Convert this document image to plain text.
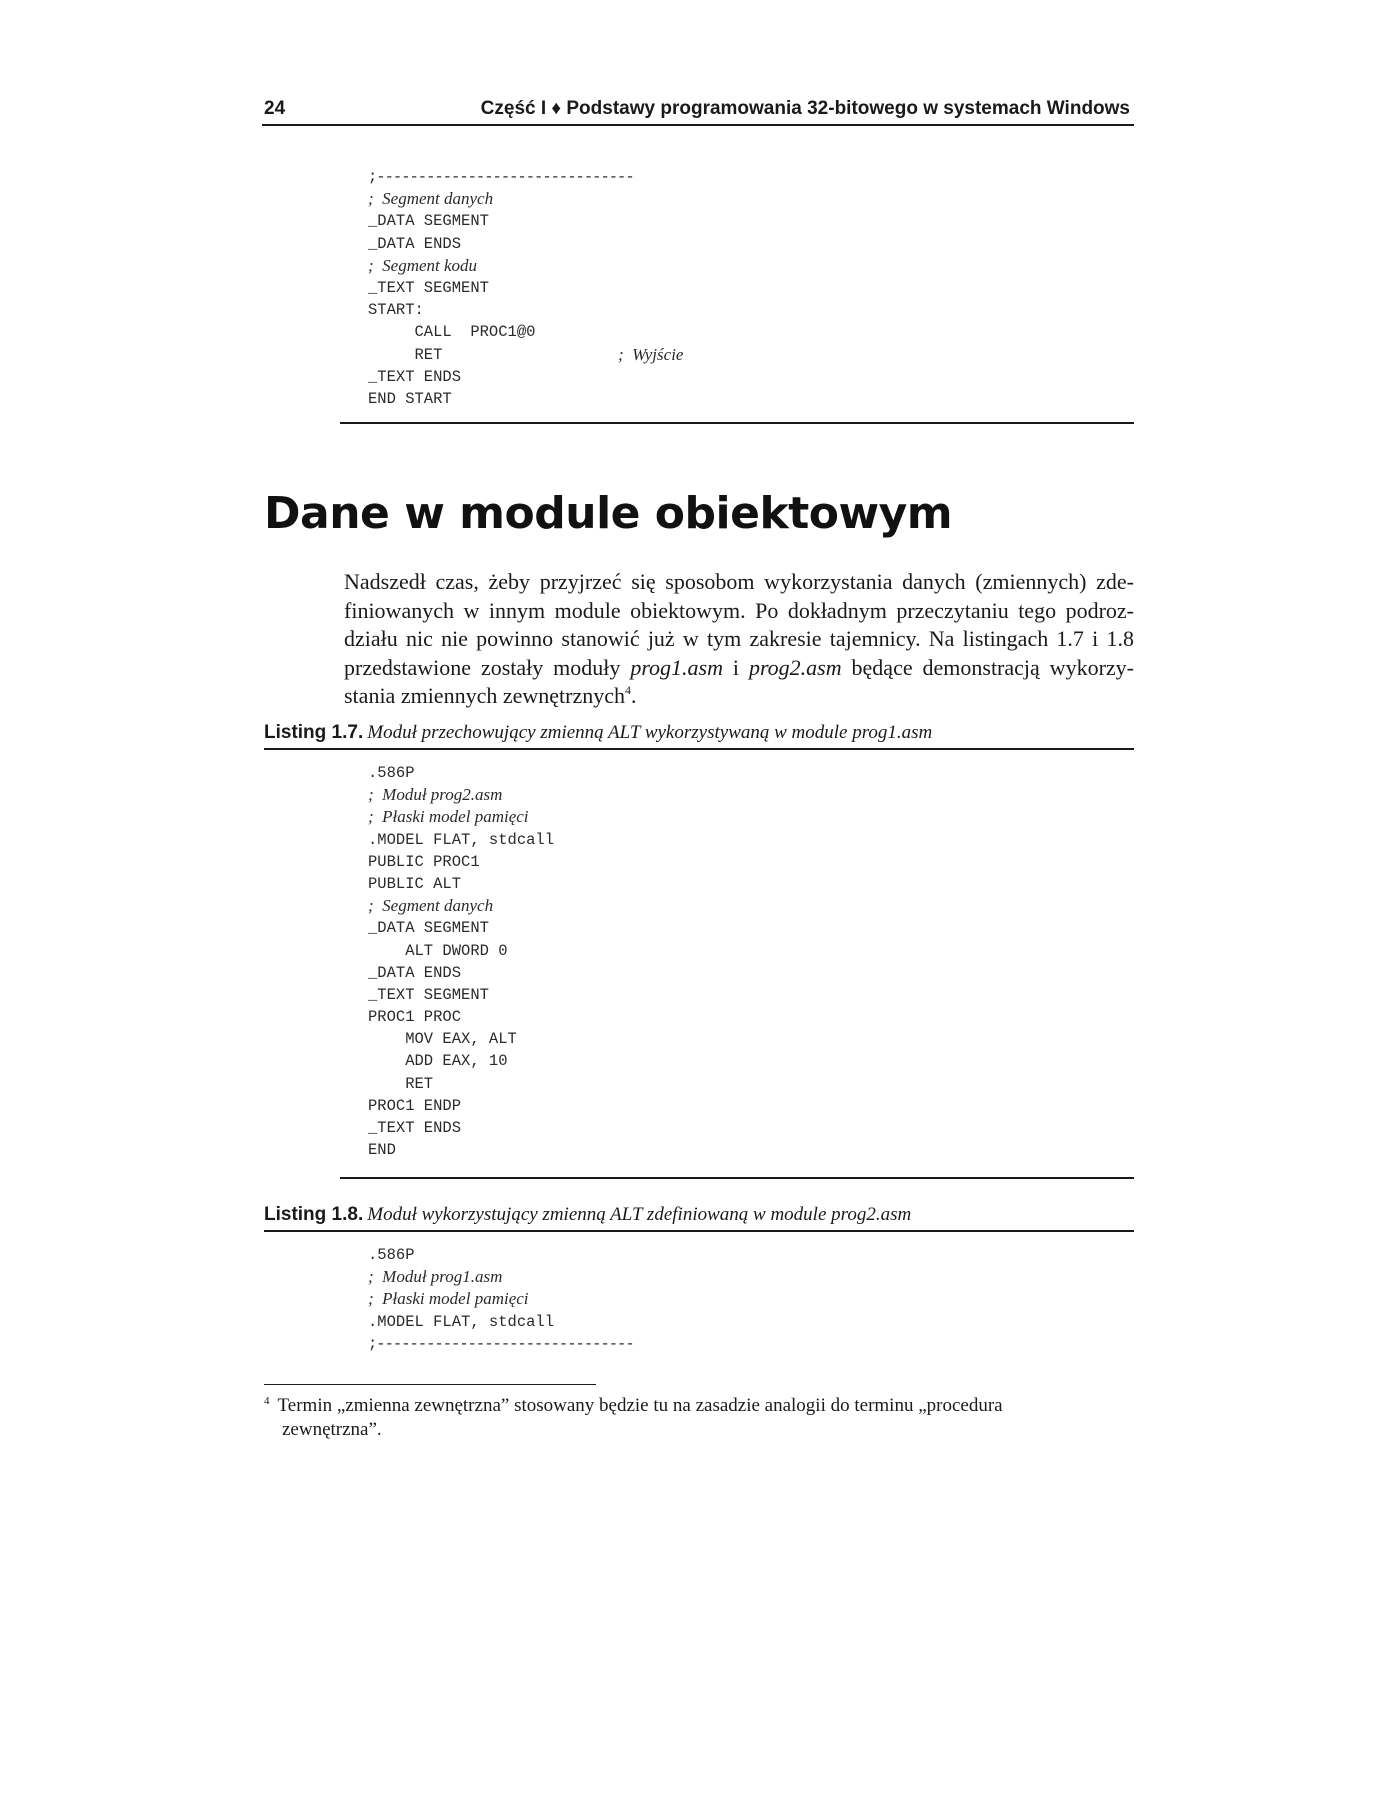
24	Część I ♦ Podstawy programowania 32-bitowego w systemach Windows
;-------------------------------
;  Segment danych
_DATA SEGMENT
_DATA ENDS
;  Segment kodu
_TEXT SEGMENT
START:
CALL  PROC1@0
RET	;  Wyjście
_TEXT ENDS
END START
Dane w module obiektowym

Nadszedł czas, żeby przyjrzeć się sposobom wykorzystania danych (zmiennych) zde-
finiowanych w innym module obiektowym. Po dokładnym przeczytaniu tego podroz-
działu nic nie powinno stanowić już w tym zakresie tajemnicy. Na listingach 1.7 i 1.8
przedstawione zostały moduły prog1.asm i prog2.asm będące demonstracją wykorzy-
stania zmiennych zewnętrznych$^4$.

Listing 1.7. Moduł przechowujący zmienną ALT wykorzystywaną w module prog1.asm
.586P
;  Moduł prog2.asm
;  Płaski model pamięci
.MODEL FLAT, stdcall
PUBLIC PROC1
PUBLIC ALT
;  Segment danych
_DATA SEGMENT
ALT DWORD 0
_DATA ENDS
_TEXT SEGMENT
PROC1 PROC
MOV EAX, ALT
ADD EAX, 10
RET
PROC1 ENDP
_TEXT ENDS
END
Listing 1.8. Moduł wykorzystujący zmienną ALT zdefiniowaną w module prog2.asm
.586P
;  Moduł prog1.asm
;  Płaski model pamięci
.MODEL FLAT, stdcall
;-------------------------------

$^4$ Termin „zmienna zewnętrzna” stosowany będzie tu na zasadzie analogii do terminu „procedura
zewnętrzna”.
